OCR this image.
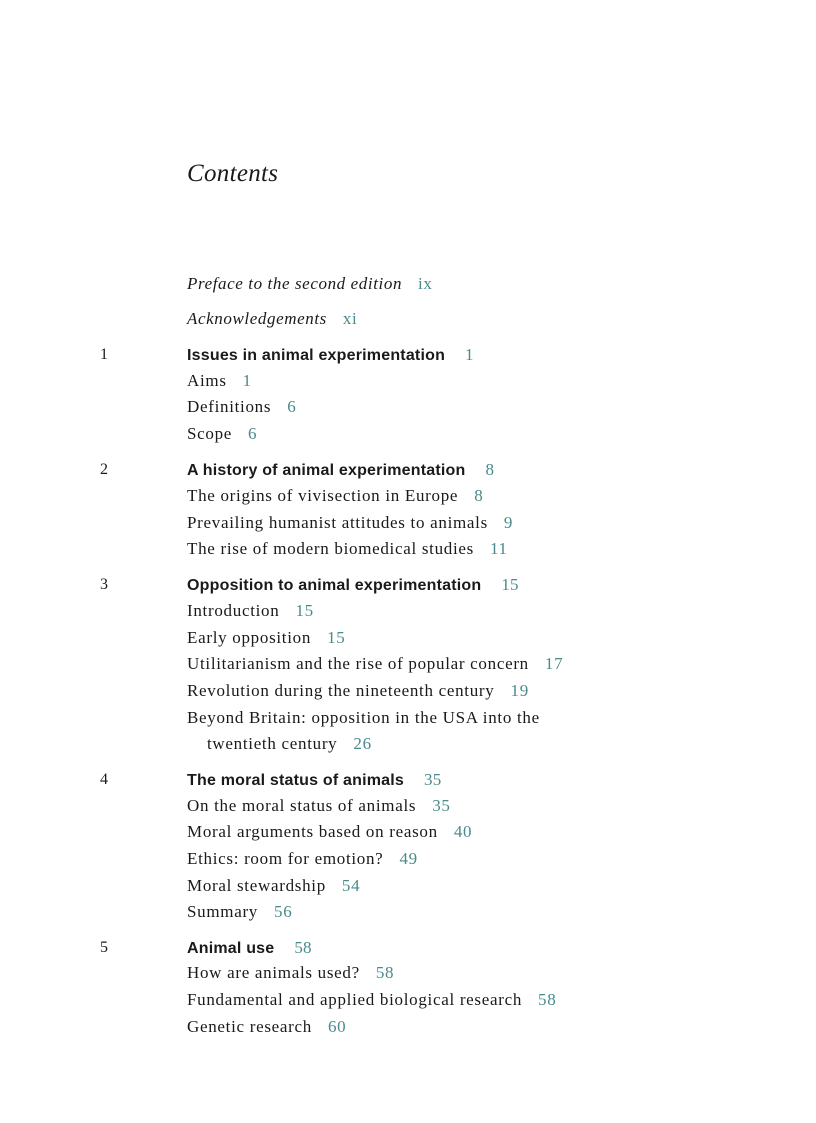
Contents
Preface to the second edition ix
Acknowledgements xi
1	Issues in animal experimentation 1
Aims 1
Definitions 6
Scope 6
2	A history of animal experimentation 8
The origins of vivisection in Europe 8
Prevailing humanist attitudes to animals 9
The rise of modern biomedical studies 11
3	Opposition to animal experimentation 15
Introduction 15
Early opposition 15
Utilitarianism and the rise of popular concern 17
Revolution during the nineteenth century 19
Beyond Britain: opposition in the USA into the
twentieth century 26
4	The moral status of animals 35
On the moral status of animals 35
Moral arguments based on reason 40
Ethics: room for emotion? 49
Moral stewardship 54
Summary 56
5	Animal use 58
How are animals used? 58
Fundamental and applied biological research 58
Genetic research 60
